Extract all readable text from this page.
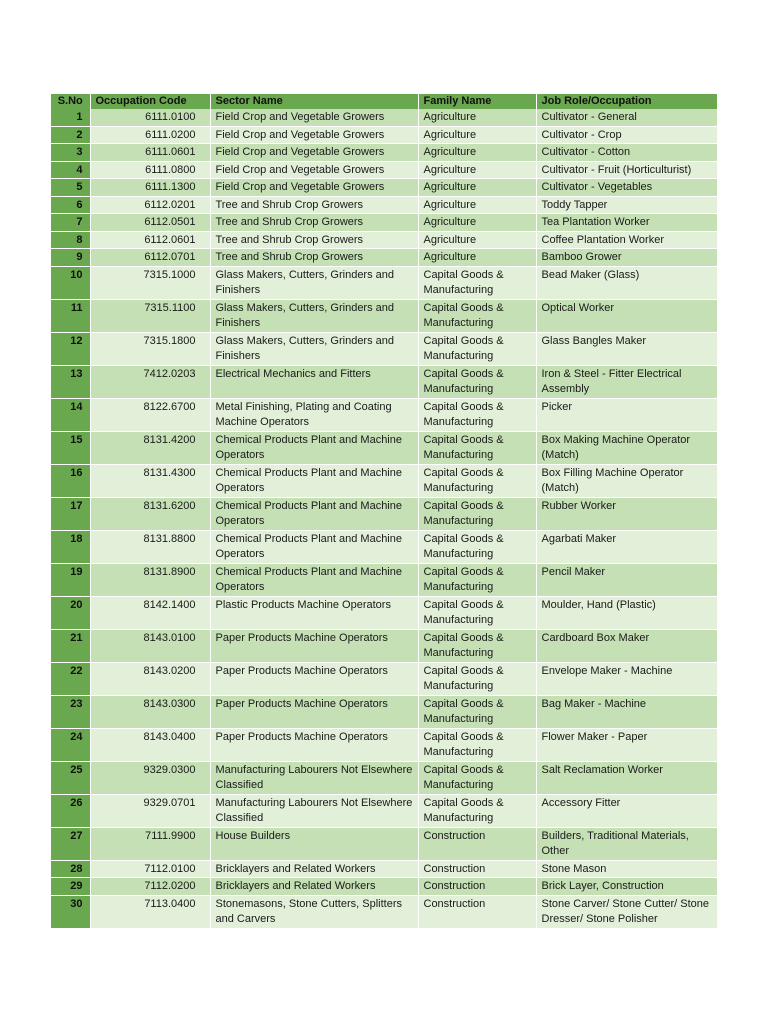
S.No	Occupation Code	Sector Name	Family Name	Job Role/Occupation
1	6111.0100	Field Crop and Vegetable Growers	Agriculture	Cultivator - General
2	6111.0200	Field Crop and Vegetable Growers	Agriculture	Cultivator - Crop
3	6111.0601	Field Crop and Vegetable Growers	Agriculture	Cultivator - Cotton
4	6111.0800	Field Crop and Vegetable Growers	Agriculture	Cultivator - Fruit (Horticulturist)
5	6111.1300	Field Crop and Vegetable Growers	Agriculture	Cultivator - Vegetables
6	6112.0201	Tree and Shrub Crop Growers	Agriculture	Toddy Tapper
7	6112.0501	Tree and Shrub Crop Growers	Agriculture	Tea Plantation Worker
8	6112.0601	Tree and Shrub Crop Growers	Agriculture	Coffee Plantation Worker
9	6112.0701	Tree and Shrub Crop Growers	Agriculture	Bamboo Grower
10	7315.1000	Glass Makers, Cutters, Grinders and Finishers	Capital Goods & Manufacturing	Bead Maker (Glass)
11	7315.1100	Glass Makers, Cutters, Grinders and Finishers	Capital Goods & Manufacturing	Optical Worker
12	7315.1800	Glass Makers, Cutters, Grinders and Finishers	Capital Goods & Manufacturing	Glass Bangles Maker
13	7412.0203	Electrical Mechanics and Fitters	Capital Goods & Manufacturing	Iron & Steel - Fitter Electrical Assembly
14	8122.6700	Metal Finishing, Plating and Coating Machine Operators	Capital Goods & Manufacturing	Picker
15	8131.4200	Chemical Products Plant and Machine Operators	Capital Goods & Manufacturing	Box Making Machine Operator (Match)
16	8131.4300	Chemical Products Plant and Machine Operators	Capital Goods & Manufacturing	Box Filling Machine Operator (Match)
17	8131.6200	Chemical Products Plant and Machine Operators	Capital Goods & Manufacturing	Rubber Worker
18	8131.8800	Chemical Products Plant and Machine Operators	Capital Goods & Manufacturing	Agarbati Maker
19	8131.8900	Chemical Products Plant and Machine Operators	Capital Goods & Manufacturing	Pencil Maker
20	8142.1400	Plastic Products Machine Operators	Capital Goods & Manufacturing	Moulder, Hand (Plastic)
21	8143.0100	Paper Products Machine Operators	Capital Goods & Manufacturing	Cardboard Box Maker
22	8143.0200	Paper Products Machine Operators	Capital Goods & Manufacturing	Envelope Maker - Machine
23	8143.0300	Paper Products Machine Operators	Capital Goods & Manufacturing	Bag Maker - Machine
24	8143.0400	Paper Products Machine Operators	Capital Goods & Manufacturing	Flower Maker - Paper
25	9329.0300	Manufacturing Labourers Not Elsewhere Classified	Capital Goods & Manufacturing	Salt Reclamation Worker
26	9329.0701	Manufacturing Labourers Not Elsewhere Classified	Capital Goods & Manufacturing	Accessory Fitter
27	7111.9900	House Builders	Construction	Builders, Traditional Materials, Other
28	7112.0100	Bricklayers and Related Workers	Construction	Stone Mason
29	7112.0200	Bricklayers and Related Workers	Construction	Brick Layer, Construction
30	7113.0400	Stonemasons, Stone Cutters, Splitters and Carvers	Construction	Stone Carver/ Stone Cutter/ Stone Dresser/ Stone Polisher
